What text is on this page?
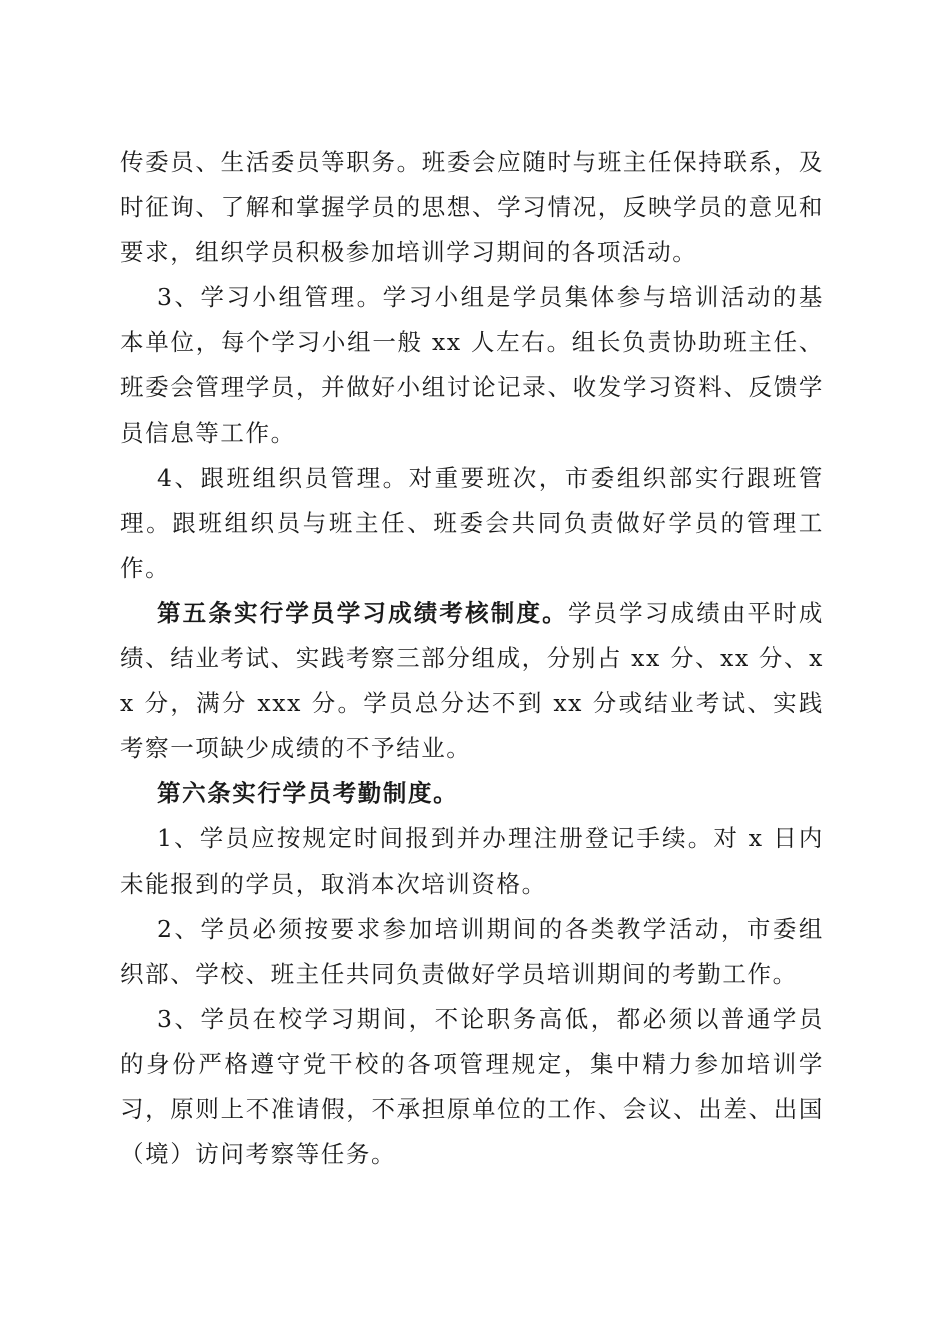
传委员、生活委员等职务。班委会应随时与班主任保持联系，及时征询、了解和掌握学员的思想、学习情况，反映学员的意见和要求，组织学员积极参加培训学习期间的各项活动。

3、学习小组管理。学习小组是学员集体参与培训活动的基本单位，每个学习小组一般 xx 人左右。组长负责协助班主任、班委会管理学员，并做好小组讨论记录、收发学习资料、反馈学员信息等工作。

4、跟班组织员管理。对重要班次，市委组织部实行跟班管理。跟班组织员与班主任、班委会共同负责做好学员的管理工作。

第五条实行学员学习成绩考核制度。学员学习成绩由平时成绩、结业考试、实践考察三部分组成，分别占 xx 分、xx 分、xx 分，满分 xxx 分。学员总分达不到 xx 分或结业考试、实践考察一项缺少成绩的不予结业。

第六条实行学员考勤制度。

1、学员应按规定时间报到并办理注册登记手续。对 x 日内未能报到的学员，取消本次培训资格。

2、学员必须按要求参加培训期间的各类教学活动，市委组织部、学校、班主任共同负责做好学员培训期间的考勤工作。

3、学员在校学习期间，不论职务高低，都必须以普通学员的身份严格遵守党干校的各项管理规定，集中精力参加培训学习，原则上不准请假，不承担原单位的工作、会议、出差、出国（境）访问考察等任务。
